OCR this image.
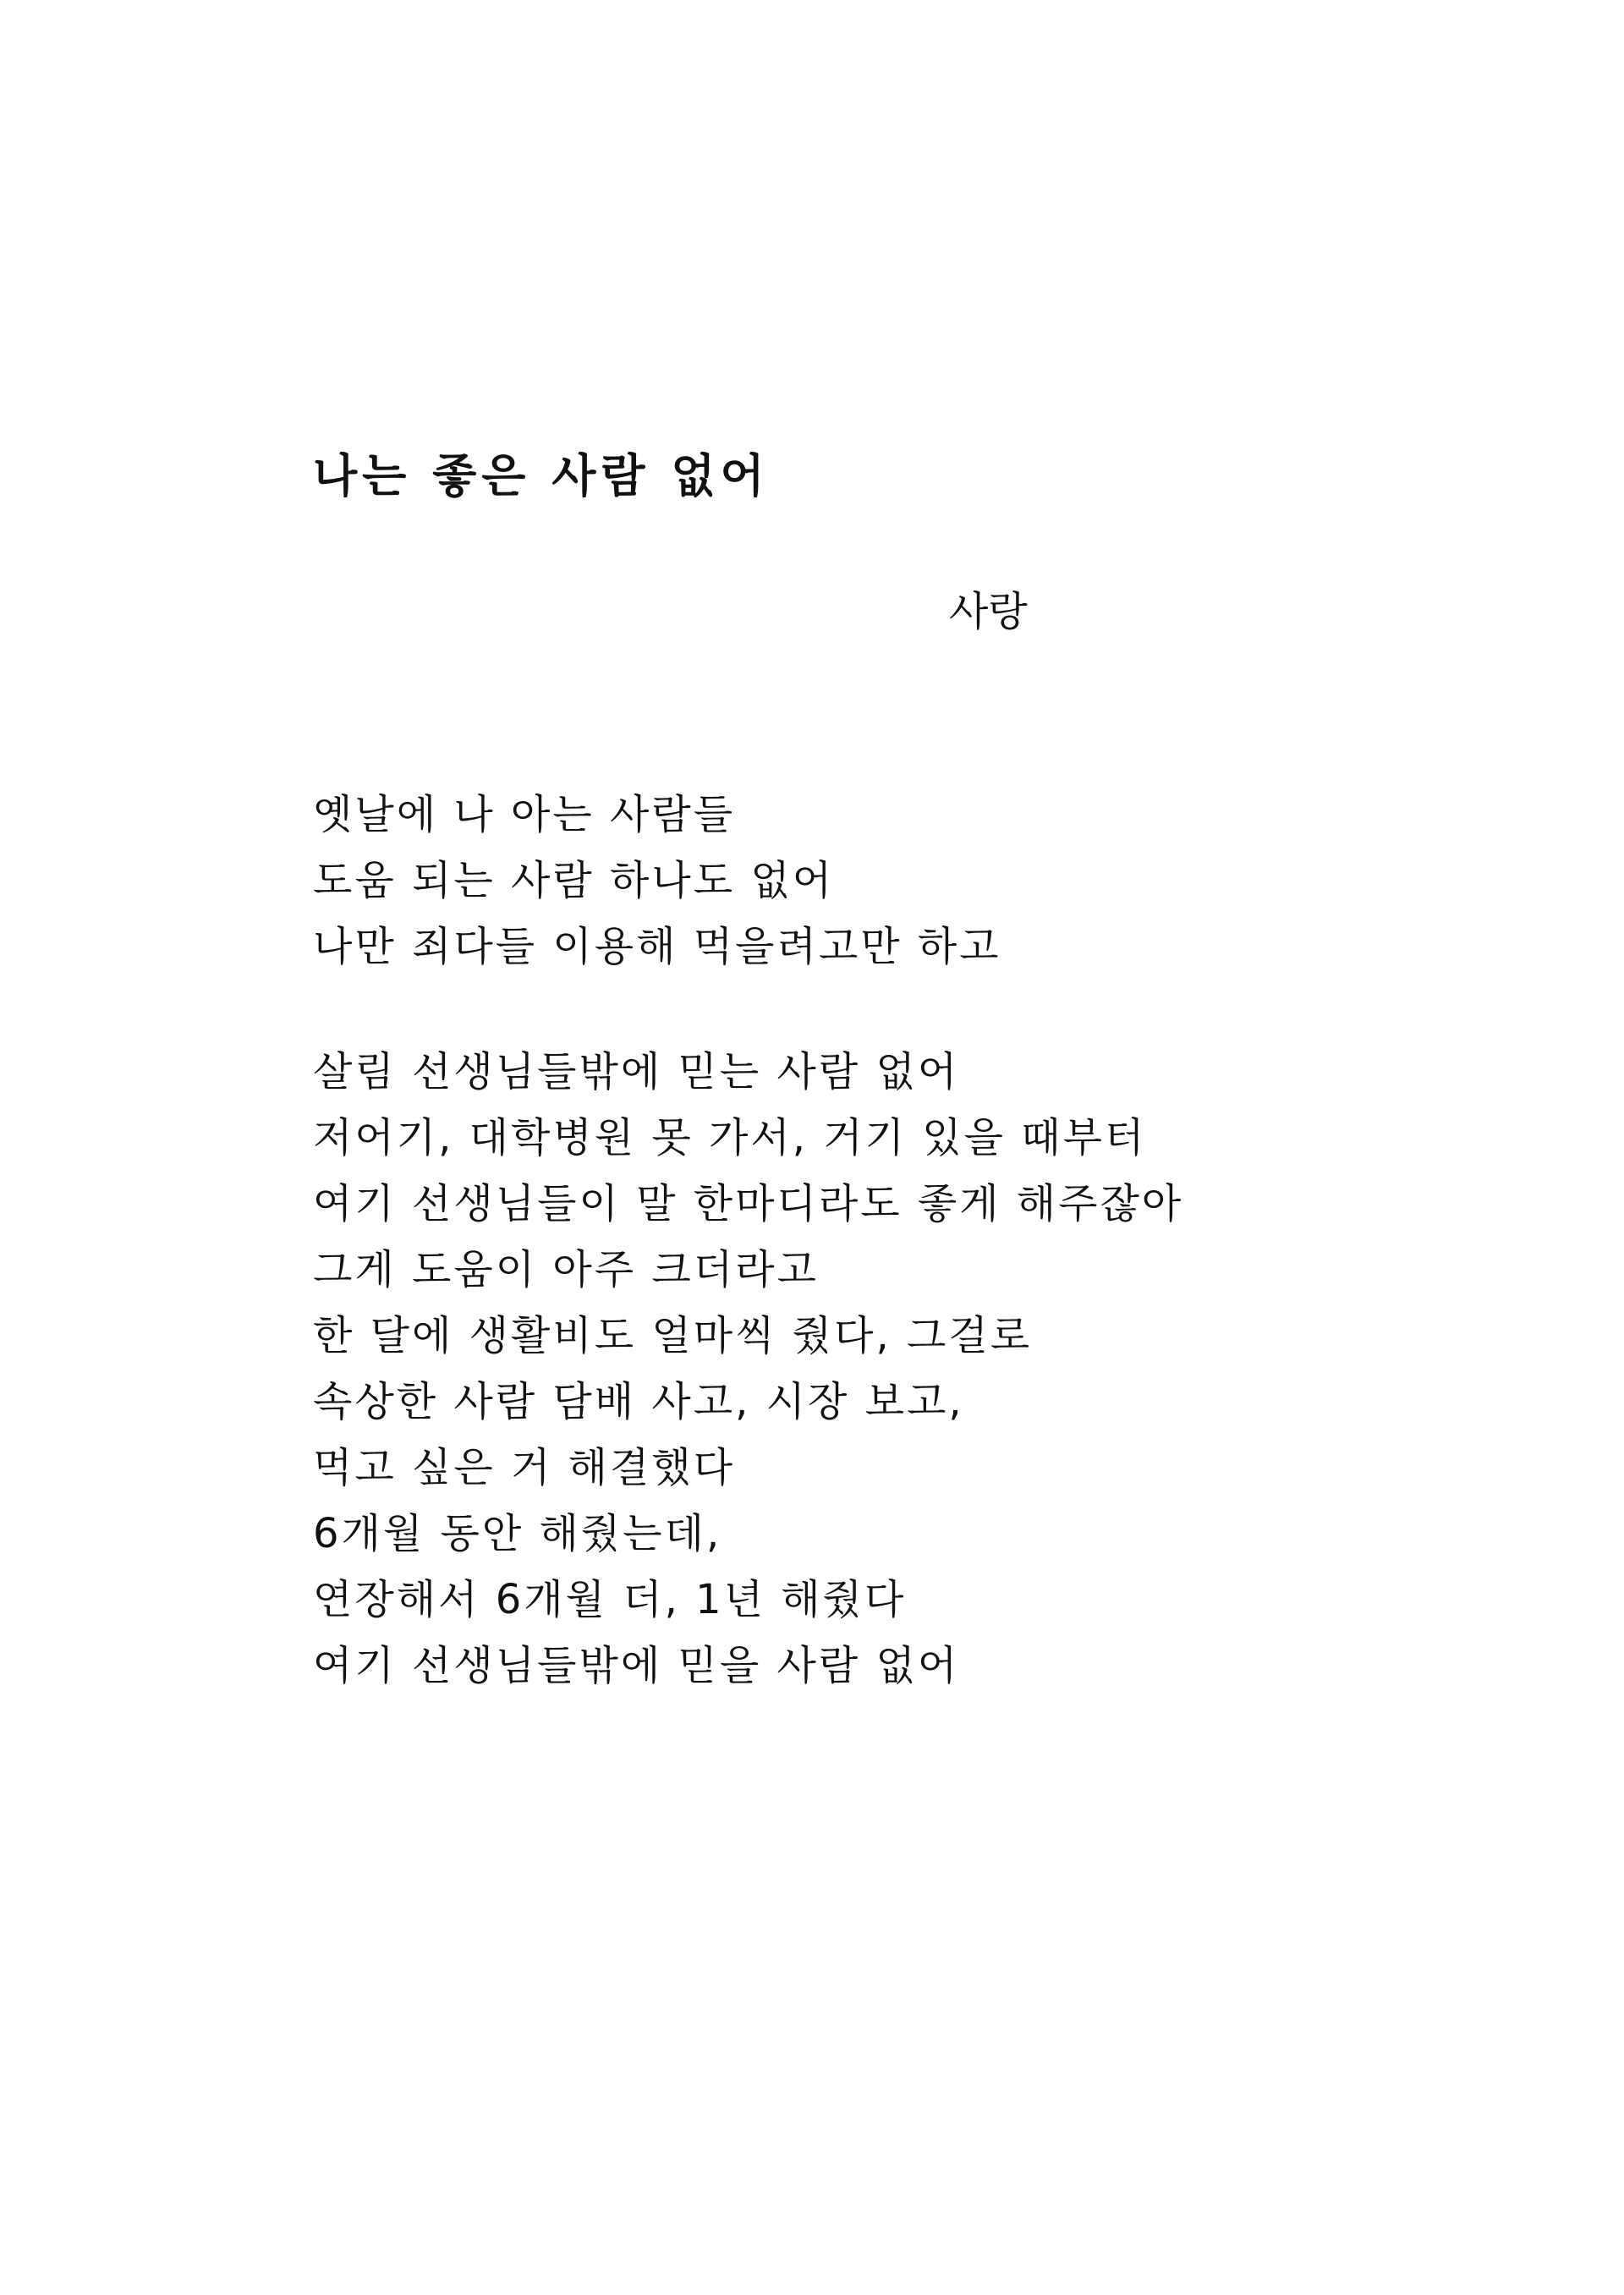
나는 좋은 사람 없어

사랑

옛날에 나 아는 사람들
도움 되는 사람 하나도 없어
나만 죄다들 이용해 먹을려고만 하고
살림 선생님들밖에 믿는 사람 없어
저어기, 대학병원 못 가서, 거기 있을 때부터
여기 선생님들이 말 한마디라도 좋게 해주잖아
그게 도움이 아주 크더라고
한 달에 생활비도 얼마씩 줬다, 그걸로
속상한 사람 담배 사고, 시장 보고,
먹고 싶은 거 해결했다
6개월 동안 해줬는데,
연장해서 6개월 더, 1년 해줬다
여기 선생님들밖에 믿을 사람 없어
